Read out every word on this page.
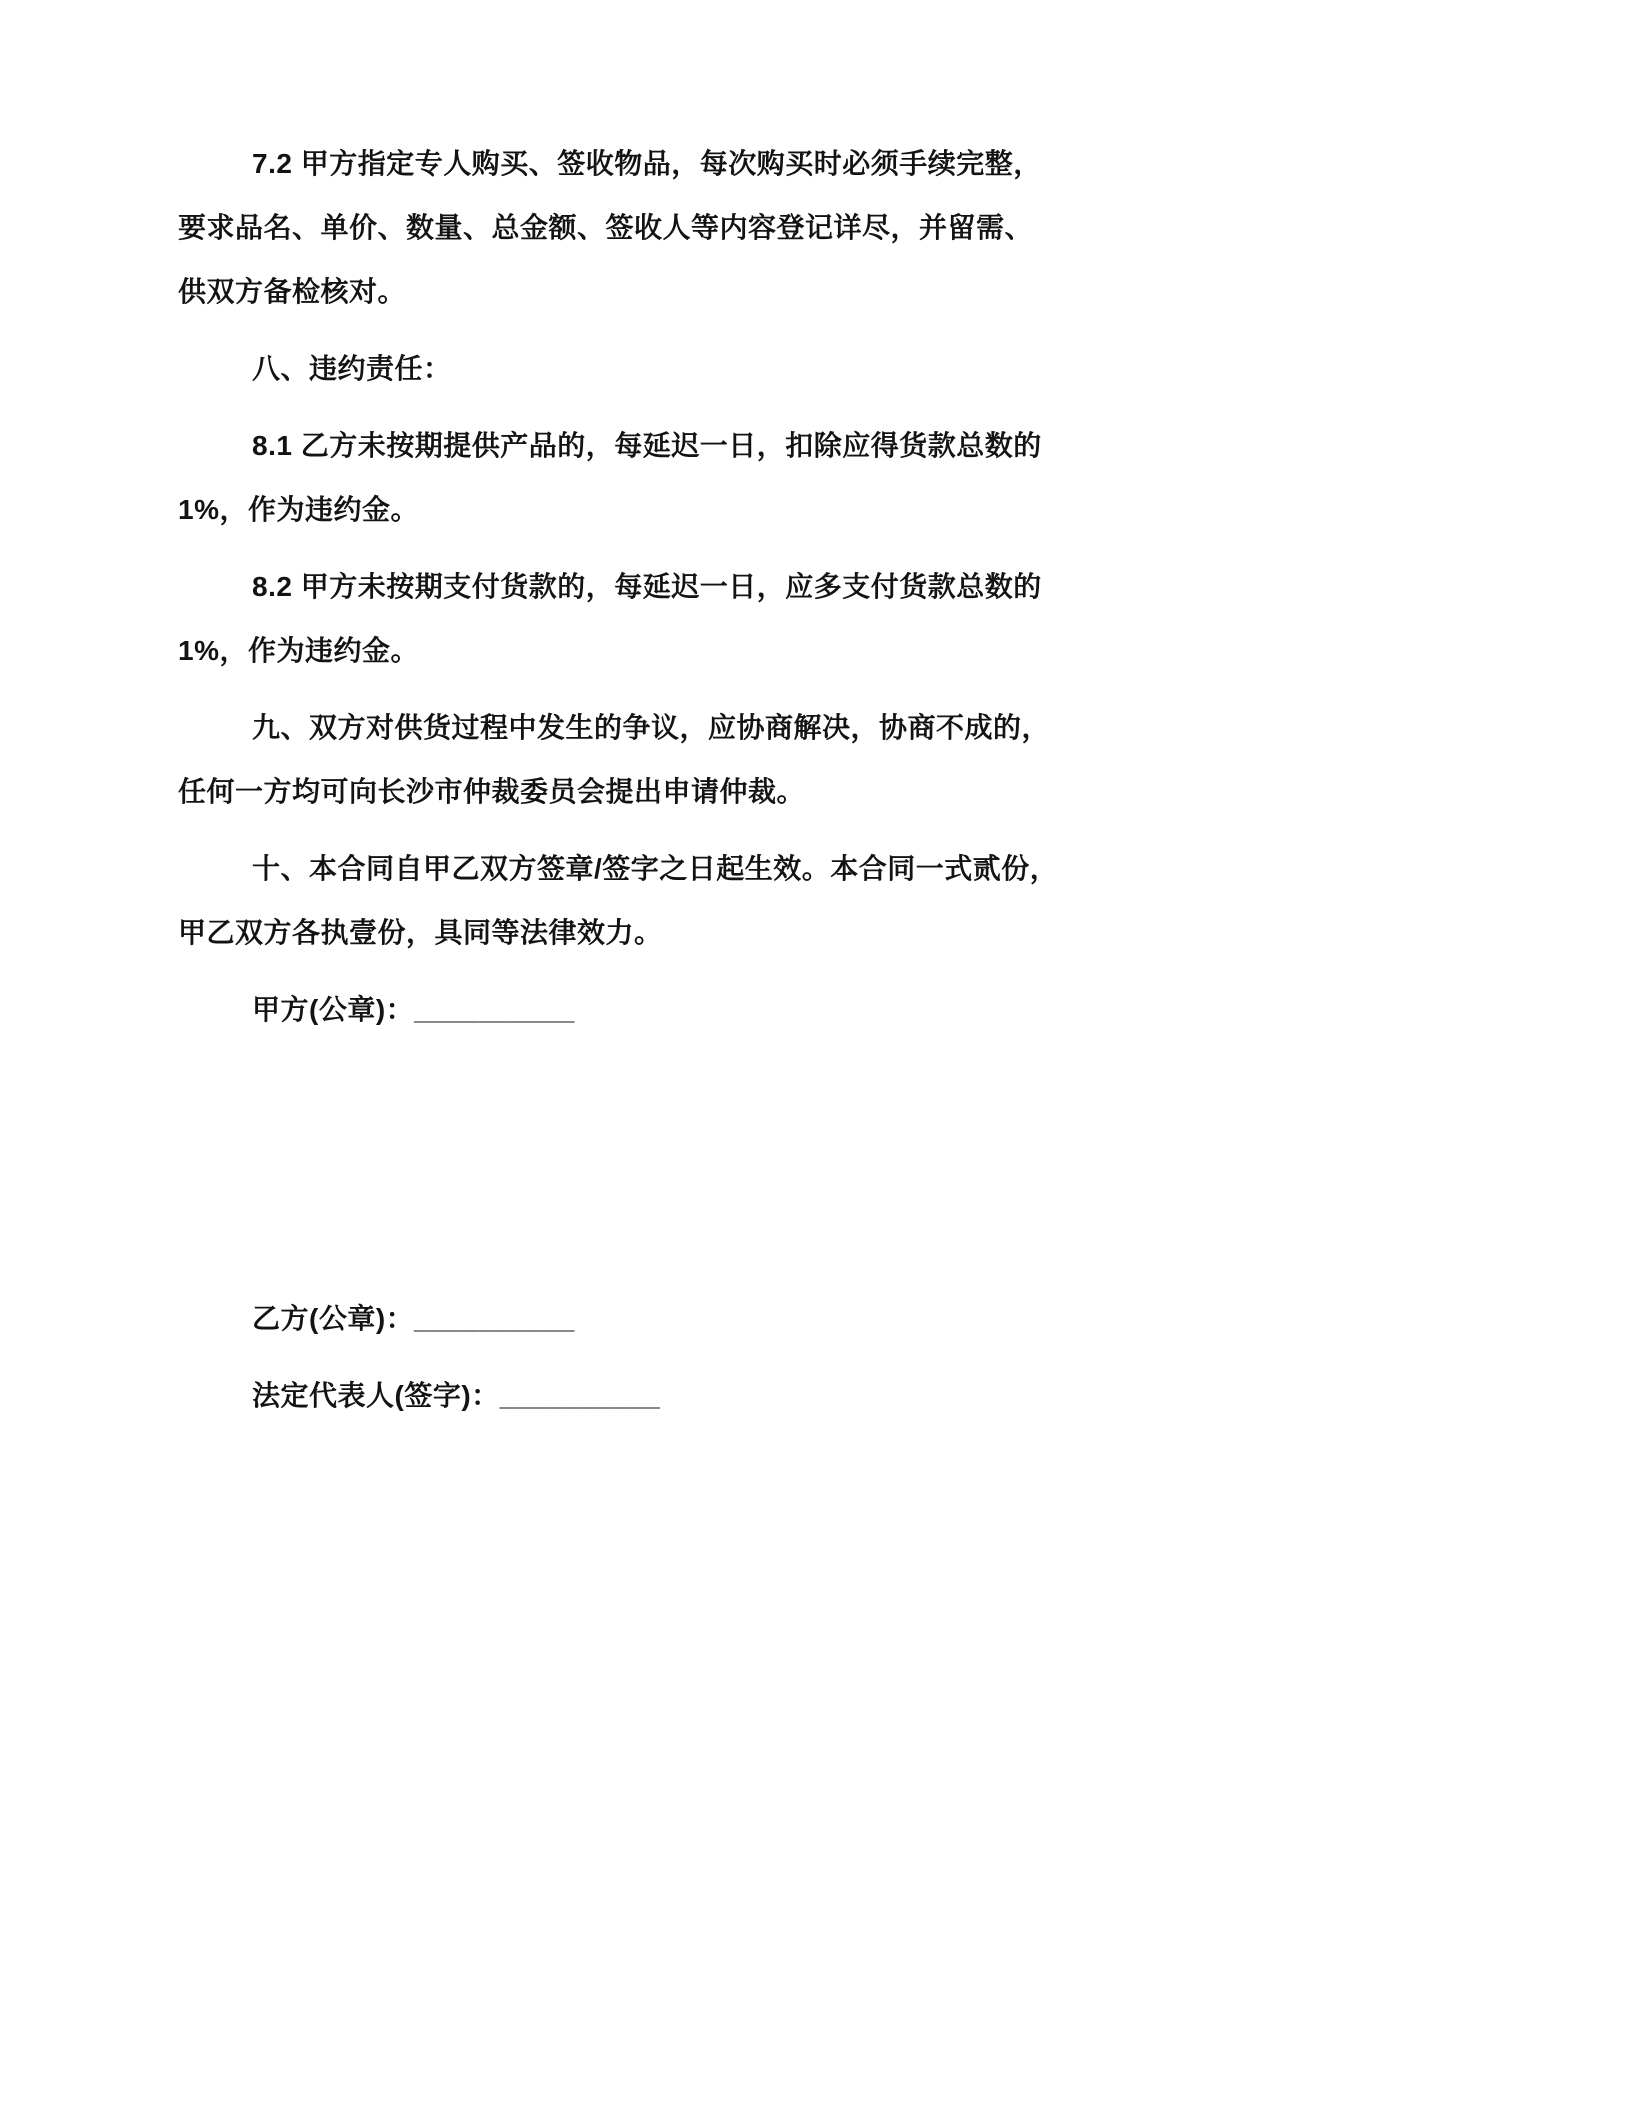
7.2 甲方指定专人购买、签收物品，每次购买时必须手续完整，
要求品名、单价、数量、总金额、签收人等内容登记详尽，并留需、
供双方备检核对。

八、违约责任：

8.1 乙方未按期提供产品的，每延迟一日，扣除应得货款总数的
1%，作为违约金。

8.2 甲方未按期支付货款的，每延迟一日，应多支付货款总数的
1%，作为违约金。

九、双方对供货过程中发生的争议，应协商解决，协商不成的，
任何一方均可向长沙市仲裁委员会提出申请仲裁。

十、本合同自甲乙双方签章/签字之日起生效。本合同一式贰份，
甲乙双方各执壹份，具同等法律效力。

甲方(公章)：__________

乙方(公章)：__________

法定代表人(签字)：__________
